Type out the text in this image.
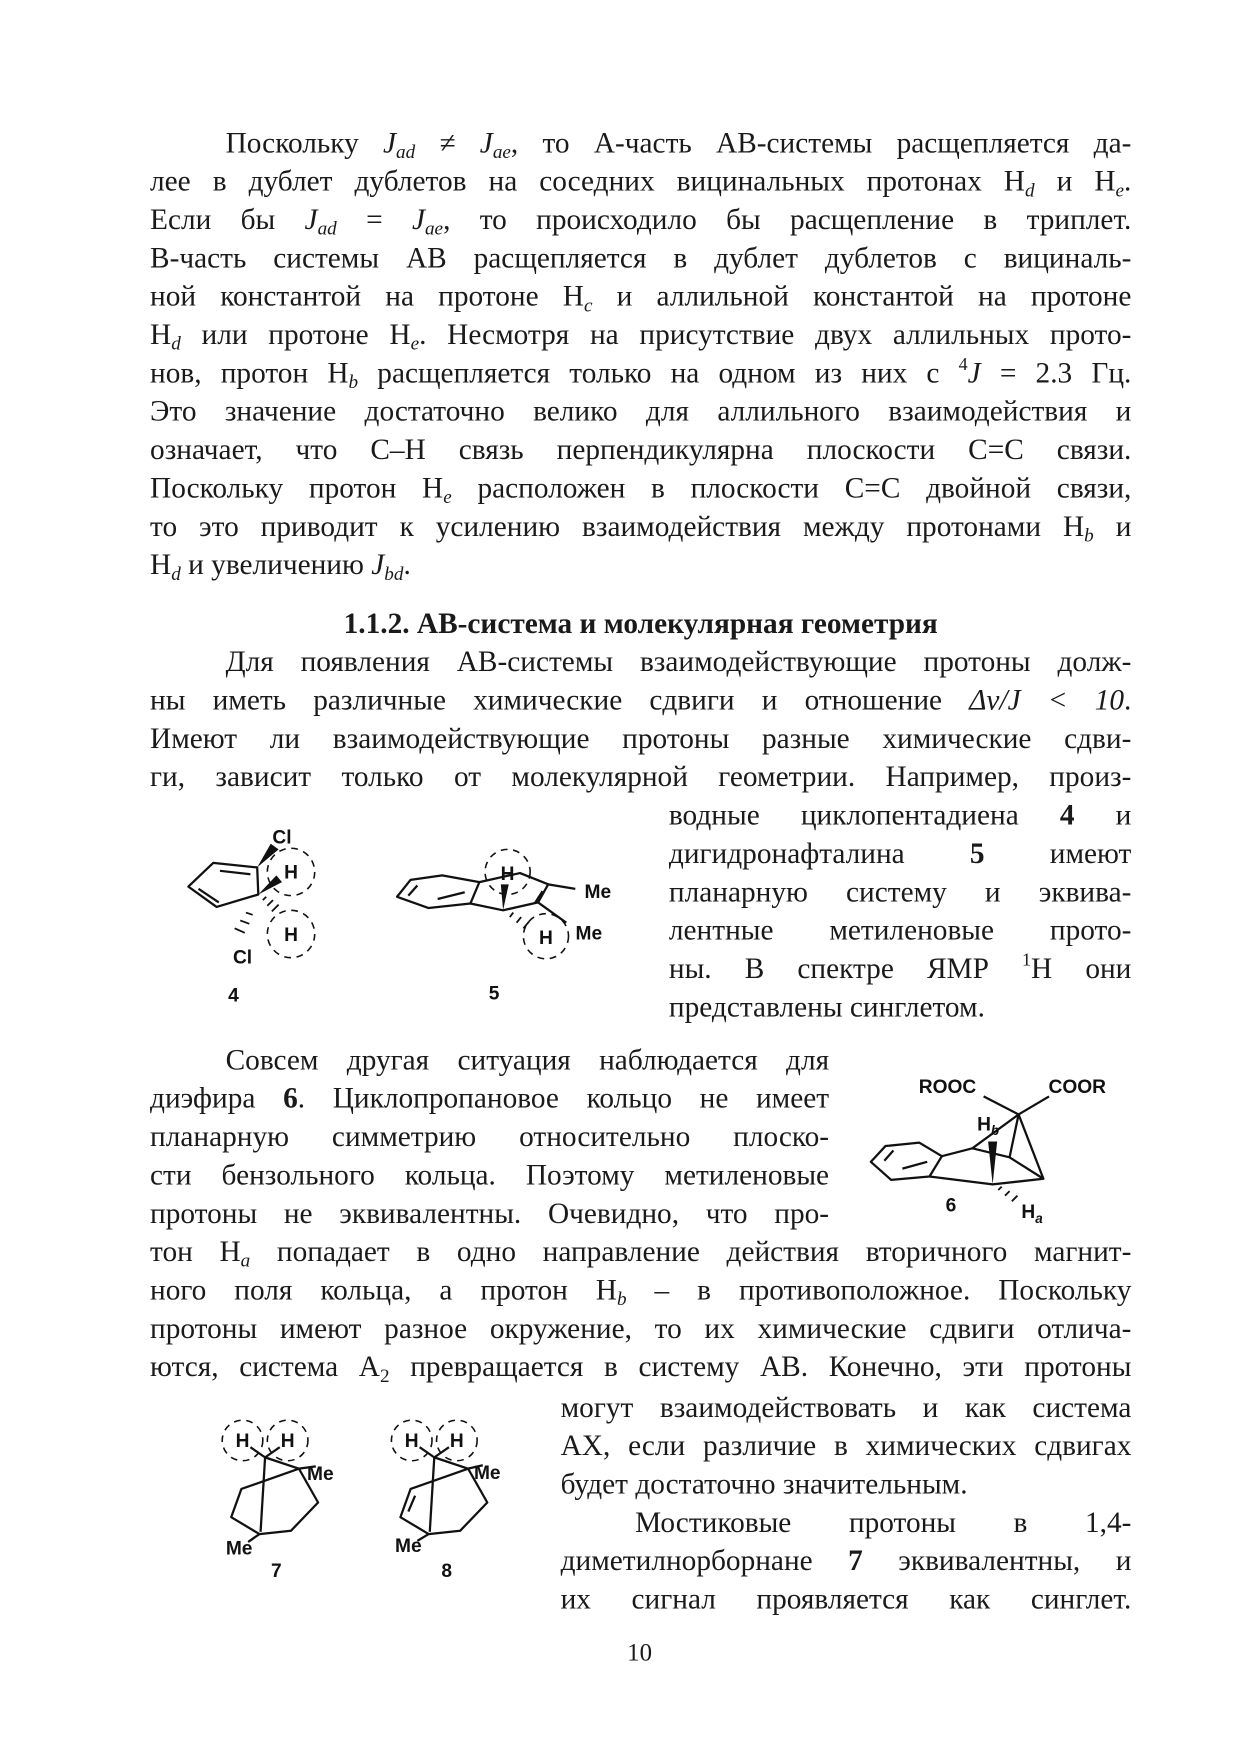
Поскольку Jad ≠ Jae, то А-часть АВ-системы расщепляется да-
лее в дублет дублетов на соседних вицинальных протонах Hd и He.
Если бы Jad = Jae, то происходило бы расщепление в триплет.
В-часть системы АВ расщепляется в дублет дублетов с вициналь-
ной константой на протоне Hc и аллильной константой на протоне
Hd или протоне He. Несмотря на присутствие двух аллильных прото-
нов, протон Hb расщепляется только на одном из них с $^4$J = 2.3 Гц.
Это значение достаточно велико для аллильного взаимодействия и
означает, что С–Н связь перпендикулярна плоскости С=С связи.
Поскольку протон He расположен в плоскости С=С двойной связи,
то это приводит к усилению взаимодействия между протонами Hb и
Hd и увеличению Jbd.
Для появления АВ-системы взаимодействующие протоны долж-
ны иметь различные химические сдвиги и отношение Δν/J < 10.
Имеют ли взаимодействующие протоны разные химические сдви-
ги, зависит только от молекулярной геометрии. Например, произ-
водные циклопентадиена 4 и
дигидронафталина 5 имеют
планарную систему и эквива-
лентные метиленовые прото-
ны. В спектре ЯМР $^1$H они
представлены синглетом.
Совсем другая ситуация наблюдается для
диэфира 6. Циклопропановое кольцо не имеет
планарную симметрию относительно плоско-
сти бензольного кольца. Поэтому метиленовые
протоны не эквивалентны. Очевидно, что про-
тон Ha попадает в одно направление действия вторичного магнит-
ного поля кольца, а протон Hb – в противоположное. Поскольку
протоны имеют разное окружение, то их химические сдвиги отлича-
ются, система A2 превращается в систему АВ. Конечно, эти протоны
могут взаимодействовать и как система
АХ, если различие в химических сдвигах
будет достаточно значительным.
Мостиковые протоны в 1,4-
диметилнорборнане 7 эквивалентны, и
их сигнал проявляется как синглет.
1.1.2. АВ-система и молекулярная геометрия
Cl
H
H
Cl
4
H
H
Me
Me
5
ROOC	COOR
$H_b$
$H_a$
6
H H
Me
Me
7
H H
Me
Me
8
10
